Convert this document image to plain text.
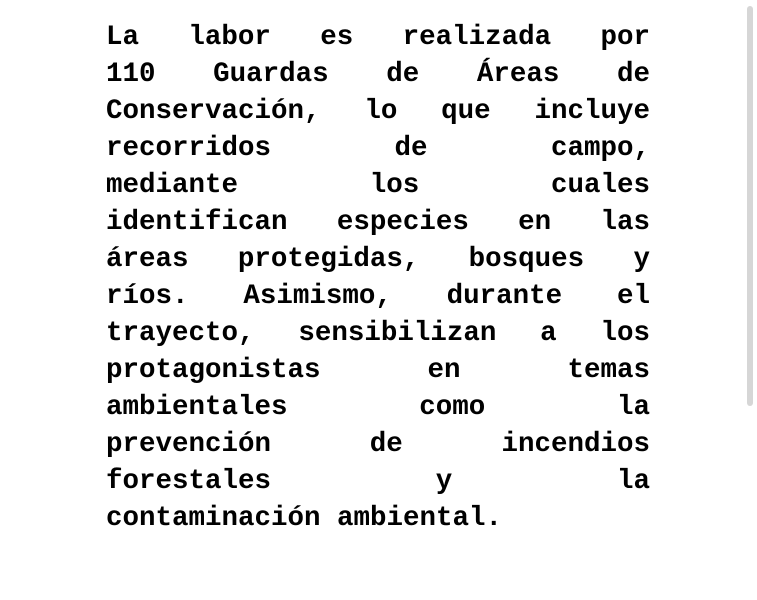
La labor es realizada por
110 Guardas de Áreas de
Conservación, lo que incluye
recorridos	de	campo,
mediante	los	cuales
identifican especies en las
áreas protegidas, bosques y
ríos. Asimismo, durante el
trayecto, sensibilizan a los
protagonistas	en	temas
ambientales	como	la
prevención	de	incendios
forestales	y	la
contaminación ambiental.
